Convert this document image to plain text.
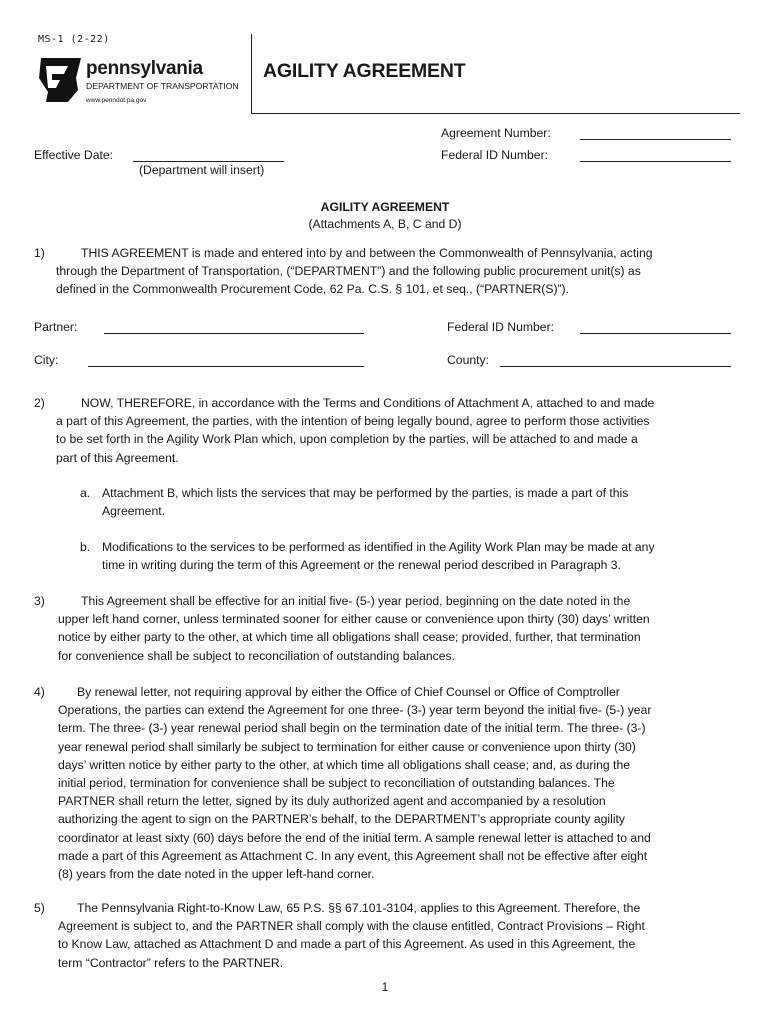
MS-1 (2-22)
pennsylvania
DEPARTMENT OF TRANSPORTATION
www.penndot.pa.gov
AGILITY AGREEMENT
Agreement Number:
Effective Date:	Federal ID Number:
(Department will insert)
AGILITY AGREEMENT
(Attachments A, B, C and D)
1)	THIS AGREEMENT is made and entered into by and between the Commonwealth of Pennsylvania, acting

through the Department of Transportation, (“DEPARTMENT”) and the following public procurement unit(s) as

defined in the Commonwealth Procurement Code, 62 Pa. C.S. § 101, et seq., (“PARTNER(S)”).

Partner:	Federal ID Number:
City:	County:
2)	NOW, THEREFORE, in accordance with the Terms and Conditions of Attachment A, attached to and made

a part of this Agreement, the parties, with the intention of being legally bound, agree to perform those activities

to be set forth in the Agility Work Plan which, upon completion by the parties, will be attached to and made a

part of this Agreement.

a. Attachment B, which lists the services that may be performed by the parties, is made a part of this

Agreement.

b. Modifications to the services to be performed as identified in the Agility Work Plan may be made at any

time in writing during the term of this Agreement or the renewal period described in Paragraph 3.

3)	This Agreement shall be effective for an initial five- (5-) year period, beginning on the date noted in the

upper left hand corner, unless terminated sooner for either cause or convenience upon thirty (30) days’ written

notice by either party to the other, at which time all obligations shall cease; provided, further, that termination

for convenience shall be subject to reconciliation of outstanding balances.

4)	By renewal letter, not requiring approval by either the Office of Chief Counsel or Office of Comptroller

Operations, the parties can extend the Agreement for one three- (3-) year term beyond the initial five- (5-) year

term. The three- (3-) year renewal period shall begin on the termination date of the initial term. The three- (3-)

year renewal period shall similarly be subject to termination for either cause or convenience upon thirty (30)

days’ written notice by either party to the other, at which time all obligations shall cease; and, as during the

initial period, termination for convenience shall be subject to reconciliation of outstanding balances. The

PARTNER shall return the letter, signed by its duly authorized agent and accompanied by a resolution

authorizing the agent to sign on the PARTNER’s behalf, to the DEPARTMENT’s appropriate county agility

coordinator at least sixty (60) days before the end of the initial term. A sample renewal letter is attached to and

made a part of this Agreement as Attachment C. In any event, this Agreement shall not be effective after eight

(8) years from the date noted in the upper left-hand corner.

5)	The Pennsylvania Right-to-Know Law, 65 P.S. §§ 67.101-3104, applies to this Agreement. Therefore, the

Agreement is subject to, and the PARTNER shall comply with the clause entitled, Contract Provisions – Right

to Know Law, attached as Attachment D and made a part of this Agreement. As used in this Agreement, the

term “Contractor” refers to the PARTNER.

1
